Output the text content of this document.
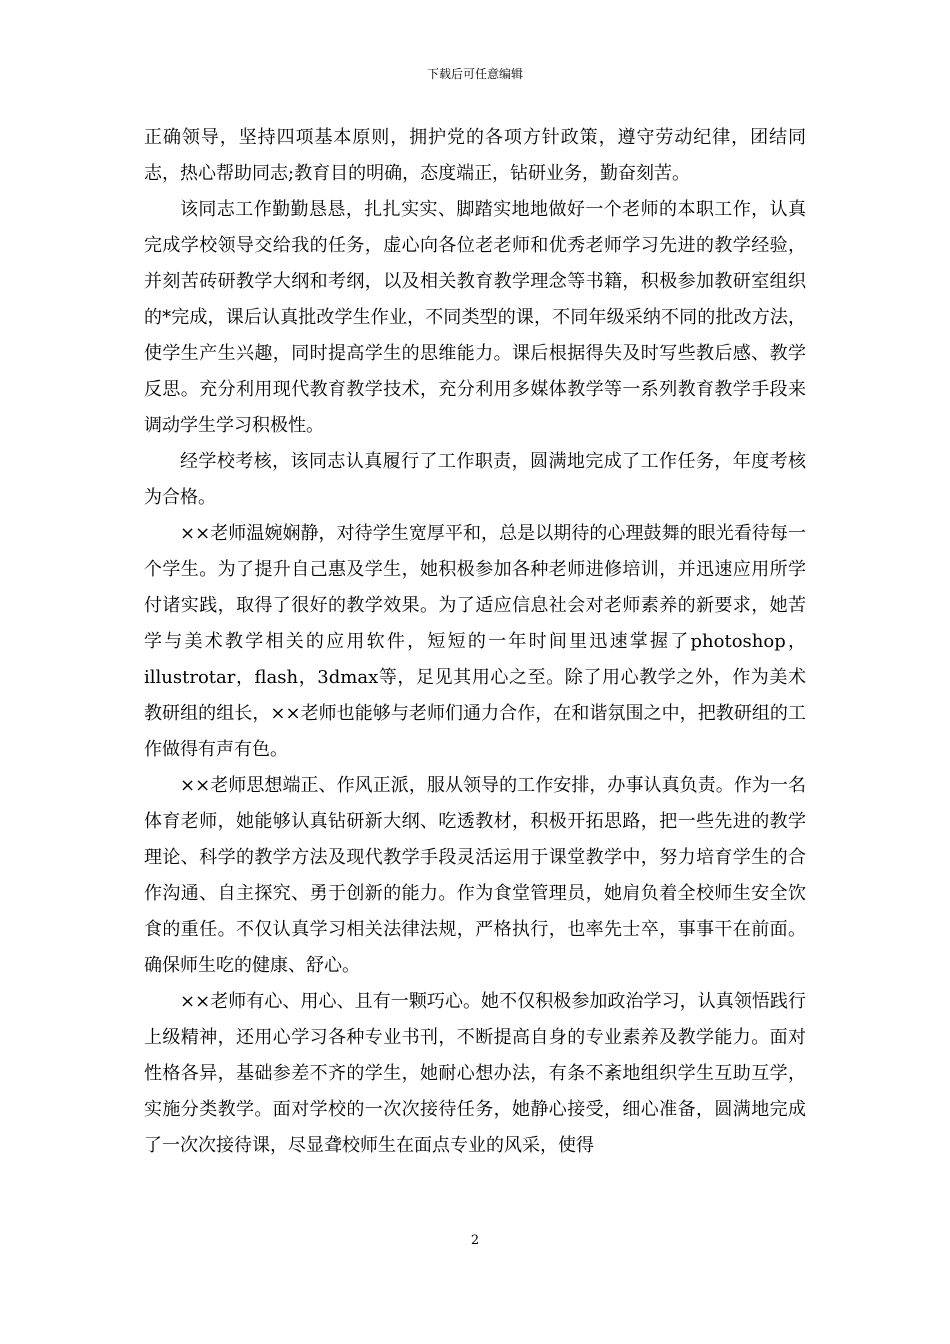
下载后可任意编辑

正确领导，坚持四项基本原则，拥护党的各项方针政策，遵守劳动纪律，团结同志，热心帮助同志;教育目的明确，态度端正，钻研业务，勤奋刻苦。

该同志工作勤勤恳恳，扎扎实实、脚踏实地地做好一个老师的本职工作，认真完成学校领导交给我的任务，虚心向各位老老师和优秀老师学习先进的教学经验，并刻苦砖研教学大纲和考纲，以及相关教育教学理念等书籍，积极参加教研室组织的*完成，课后认真批改学生作业，不同类型的课，不同年级采纳不同的批改方法，使学生产生兴趣，同时提高学生的思维能力。课后根据得失及时写些教后感、教学反思。充分利用现代教育教学技术，充分利用多媒体教学等一系列教育教学手段来调动学生学习积极性。

经学校考核，该同志认真履行了工作职责，圆满地完成了工作任务，年度考核为合格。

××老师温婉娴静，对待学生宽厚平和，总是以期待的心理鼓舞的眼光看待每一个学生。为了提升自己惠及学生，她积极参加各种老师进修培训，并迅速应用所学付诸实践，取得了很好的教学效果。为了适应信息社会对老师素养的新要求，她苦学与美术教学相关的应用软件，短短的一年时间里迅速掌握了photoshop，illustrotar，flash，3dmax等，足见其用心之至。除了用心教学之外，作为美术教研组的组长，××老师也能够与老师们通力合作，在和谐氛围之中，把教研组的工作做得有声有色。

××老师思想端正、作风正派，服从领导的工作安排，办事认真负责。作为一名体育老师，她能够认真钻研新大纲、吃透教材，积极开拓思路，把一些先进的教学理论、科学的教学方法及现代教学手段灵活运用于课堂教学中，努力培育学生的合作沟通、自主探究、勇于创新的能力。作为食堂管理员，她肩负着全校师生安全饮食的重任。不仅认真学习相关法律法规，严格执行，也率先士卒，事事干在前面。确保师生吃的健康、舒心。

××老师有心、用心、且有一颗巧心。她不仅积极参加政治学习，认真领悟践行上级精神，还用心学习各种专业书刊，不断提高自身的专业素养及教学能力。面对性格各异，基础参差不齐的学生，她耐心想办法，有条不紊地组织学生互助互学，实施分类教学。面对学校的一次次接待任务，她静心接受，细心准备，圆满地完成了一次次接待课，尽显聋校师生在面点专业的风采，使得

2
